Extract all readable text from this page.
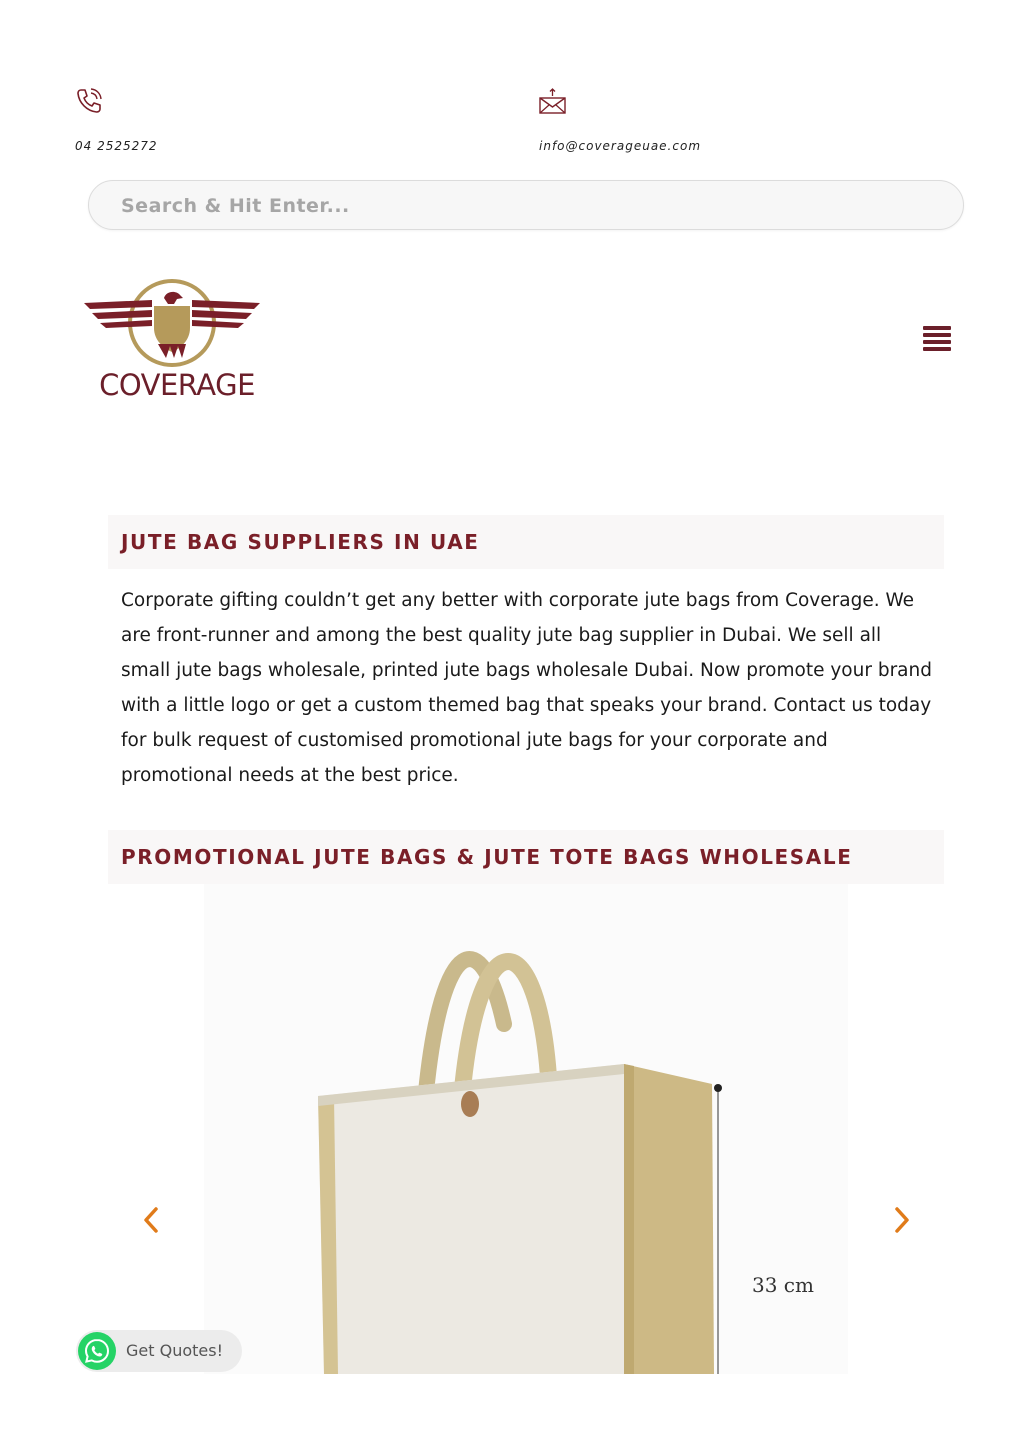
04 2525272	info@coverageuae.com
Search & Hit Enter...
COVERAGE
JUTE BAG SUPPLIERS IN UAE

Corporate gifting couldn’t get any better with corporate jute bags from Coverage. We are front-runner and among the best quality jute bag supplier in Dubai. We sell all small jute bags wholesale, printed jute bags wholesale Dubai. Now promote your brand with a little logo or get a custom themed bag that speaks your brand. Contact us today for bulk request of customised promotional jute bags for your corporate and promotional needs at the best price.

PROMOTIONAL JUTE BAGS & JUTE TOTE BAGS WHOLESALE
33 cm
Get Quotes!
